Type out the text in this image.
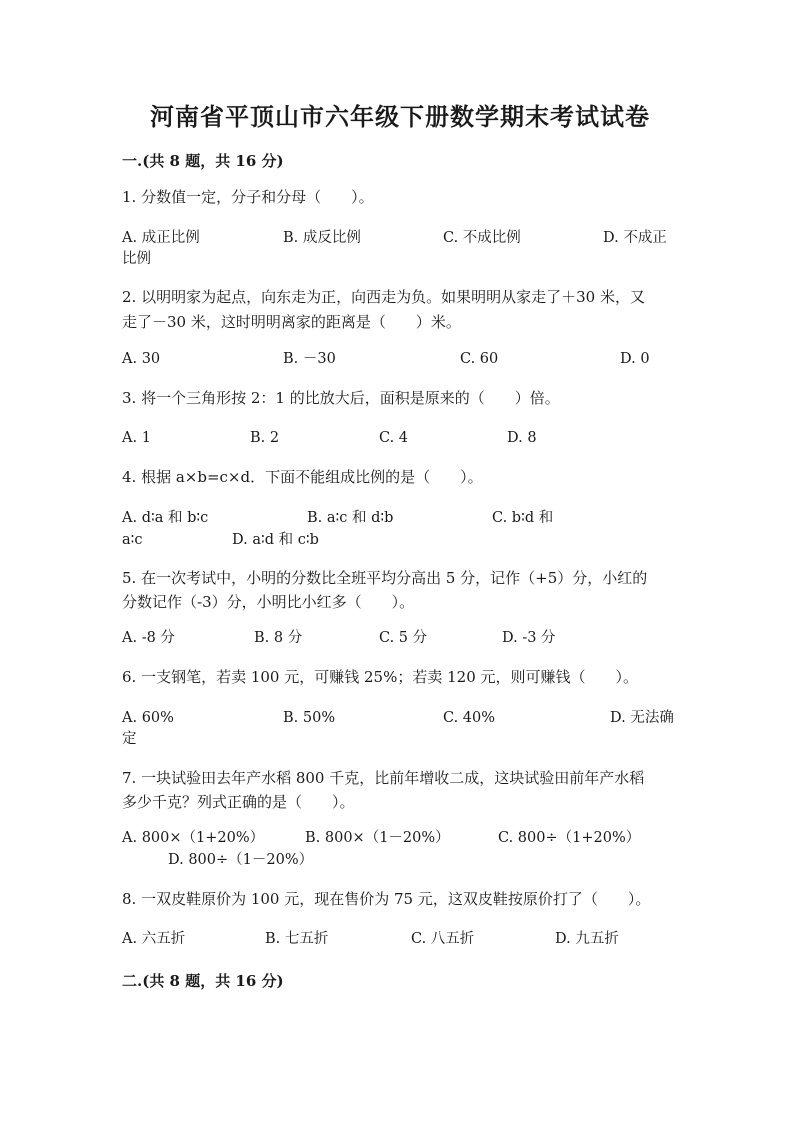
河南省平顶山市六年级下册数学期末考试试卷
一.(共 8 题，共 16 分)
1. 分数值一定，分子和分母（　　）。
A. 成正比例	B. 成反比例	C. 不成比例	D. 不成正
比例
2. 以明明家为起点，向东走为正，向西走为负。如果明明从家走了＋30 米，又
走了－30 米，这时明明离家的距离是（　　）米。
A. 30	B. －30	C. 60	D. 0
3. 将一个三角形按 2：1 的比放大后，面积是原来的（　　）倍。
A. 1	B. 2	C. 4	D. 8
4. 根据 a×b=c×d．下面不能组成比例的是（　　）。
A. d∶a 和 b∶c	B. a∶c 和 d∶b	C. b∶d 和
a∶c	D. a∶d 和 c∶b
5. 在一次考试中，小明的分数比全班平均分高出 5 分，记作（+5）分，小红的
分数记作（-3）分，小明比小红多（　　）。
A. -8 分	B. 8 分	C. 5 分	D. -3 分
6. 一支钢笔，若卖 100 元，可赚钱 25%；若卖 120 元，则可赚钱（　　）。
A. 60%	B. 50%	C. 40%	D. 无法确
定
7. 一块试验田去年产水稻 800 千克，比前年增收二成，这块试验田前年产水稻
多少千克？列式正确的是（　　）。
A. 800×（1+20%）	B. 800×（1－20%）	C. 800÷（1+20%）
D. 800÷（1－20%）
8. 一双皮鞋原价为 100 元，现在售价为 75 元，这双皮鞋按原价打了（　　）。
A. 六五折	B. 七五折	C. 八五折	D. 九五折
二.(共 8 题，共 16 分)
